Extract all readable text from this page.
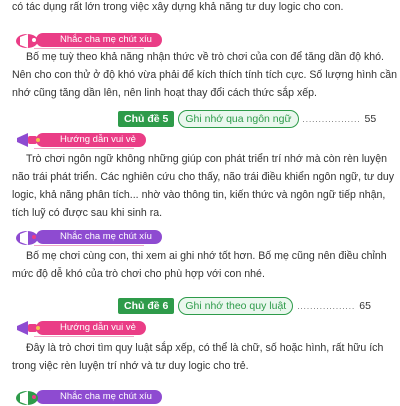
có tác dụng rất lớn trong việc xây dựng khả năng tư duy logic cho con.

Nhắc cha mẹ chút xíu

Bố mẹ tuỳ theo khả năng nhận thức về trò chơi của con để tăng dần độ khó.
Nên cho con thử ở độ khó vừa phải để kích thích tính tích cực. Số lượng hình cần
nhớ cũng tăng dần lên, nên linh hoạt thay đổi cách thức sắp xếp.

Chủ đề 5	Ghi nhớ qua ngôn ngữ	.................. 55
Hướng dẫn vui vẻ

Trò chơi ngôn ngữ không những giúp con phát triển trí nhớ mà còn rèn luyện
não trái phát triển. Các nghiên cứu cho thấy, não trái điều khiển ngôn ngữ, tư duy
logic, khả năng phân tích... nhờ vào thông tin, kiến thức và ngôn ngữ tiếp nhận,
tích luỹ có được sau khi sinh ra.

Nhắc cha mẹ chút xíu

Bố mẹ chơi cùng con, thi xem ai ghi nhớ tốt hơn. Bố mẹ cũng nên điều chỉnh
mức độ dễ khó của trò chơi cho phù hợp với con nhé.

Chủ đề 6	Ghi nhớ theo quy luật	.................. 65
Hướng dẫn vui vẻ

Đây là trò chơi tìm quy luật sắp xếp, có thể là chữ, số hoặc hình, rất hữu ích
trong việc rèn luyện trí nhớ và tư duy logic cho trẻ.

Nhắc cha mẹ chút xíu
